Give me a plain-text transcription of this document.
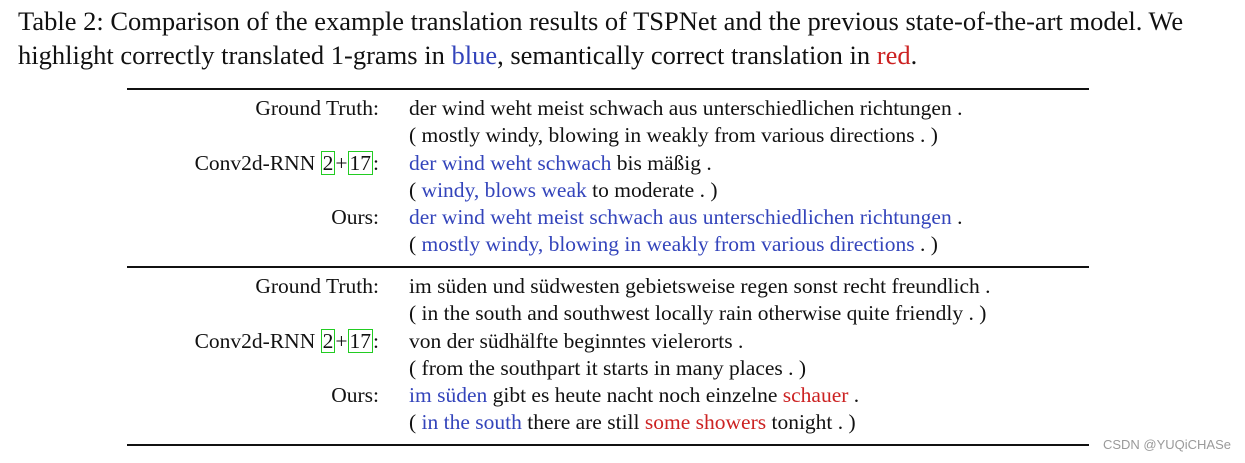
Table 2: Comparison of the example translation results of TSPNet and the previous state-of-the-art model. We highlight correctly translated 1-grams in blue, semantically correct translation in red.
Ground Truth: der wind weht meist schwach aus unterschiedlichen richtungen .
( mostly windy, blowing in weakly from various directions . )
Conv2d-RNN 2+17: der wind weht schwach bis mäßig .
( windy, blows weak to moderate . )
Ours: der wind weht meist schwach aus unterschiedlichen richtungen .
( mostly windy, blowing in weakly from various directions . )
Ground Truth: im süden und südwesten gebietsweise regen sonst recht freundlich .
( in the south and southwest locally rain otherwise quite friendly . )
Conv2d-RNN 2+17: von der südhälfte beginntes vielerorts .
( from the southpart it starts in many places . )
Ours: im süden gibt es heute nacht noch einzelne schauer .
( in the south there are still some showers tonight . )
CSDN @YUQiCHASe
